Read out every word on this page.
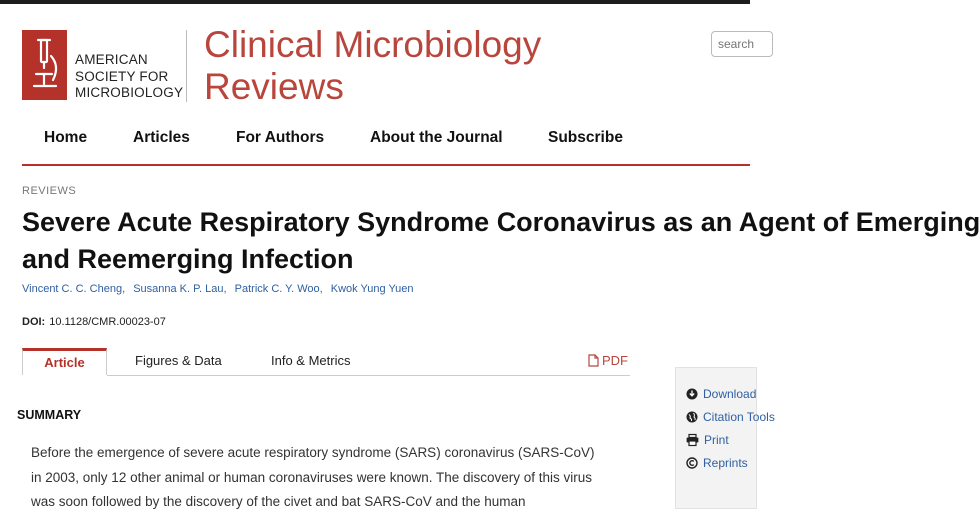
AMERICAN
SOCIETY FOR
MICROBIOLOGY
Clinical Microbiology
Reviews
search
Home	Articles	For Authors	About the Journal	Subscribe
REVIEWS
Severe Acute Respiratory Syndrome Coronavirus as an Agent of Emerging
and Reemerging Infection
Vincent C. C. Cheng, Susanna K. P. Lau, Patrick C. Y. Woo, Kwok Yung Yuen
DOI: 10.1128/CMR.00023-07
Article	Figures & Data	Info & Metrics	PDF
SUMMARY
Before the emergence of severe acute respiratory syndrome (SARS) coronavirus (SARS-CoV)
in 2003, only 12 other animal or human coronaviruses were known. The discovery of this virus
was soon followed by the discovery of the civet and bat SARS-CoV and the human
Download
Citation Tools
Print
Reprints
